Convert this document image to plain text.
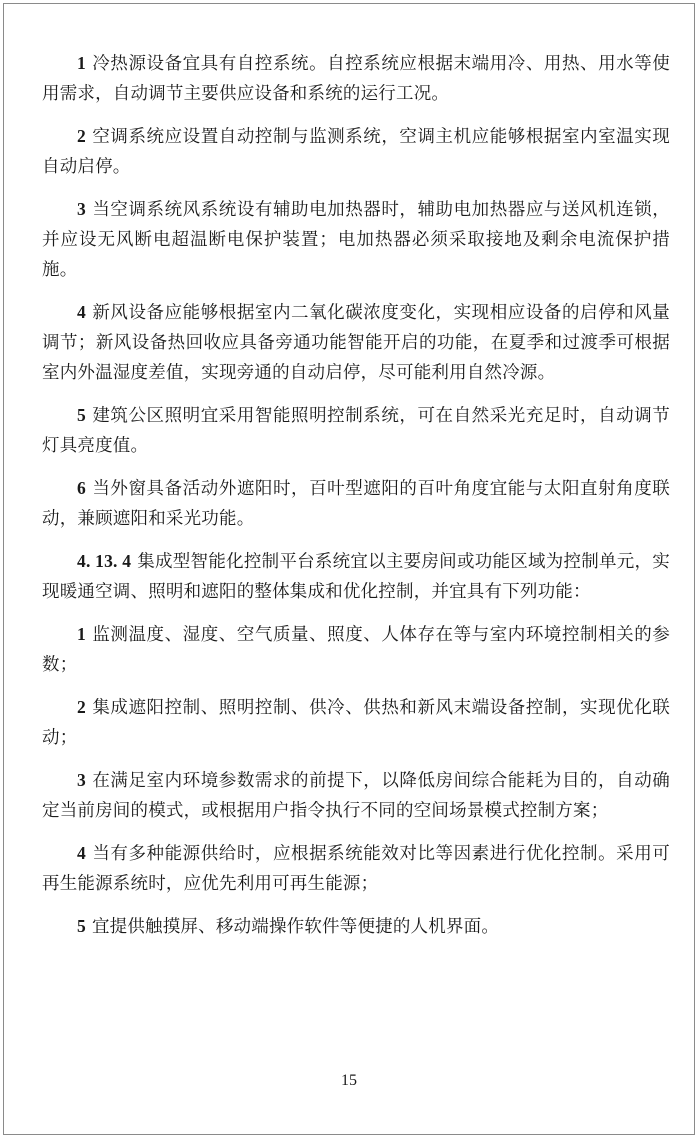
1 冷热源设备宜具有自控系统。自控系统应根据末端用冷、用热、用水等使用需求，自动调节主要供应设备和系统的运行工况。

2 空调系统应设置自动控制与监测系统，空调主机应能够根据室内室温实现自动启停。

3 当空调系统风系统设有辅助电加热器时，辅助电加热器应与送风机连锁，并应设无风断电超温断电保护装置；电加热器必须采取接地及剩余电流保护措施。

4 新风设备应能够根据室内二氧化碳浓度变化，实现相应设备的启停和风量调节；新风设备热回收应具备旁通功能智能开启的功能，在夏季和过渡季可根据室内外温湿度差值，实现旁通的自动启停，尽可能利用自然冷源。

5 建筑公区照明宜采用智能照明控制系统，可在自然采光充足时，自动调节灯具亮度值。

6 当外窗具备活动外遮阳时，百叶型遮阳的百叶角度宜能与太阳直射角度联动，兼顾遮阳和采光功能。

4. 13. 4 集成型智能化控制平台系统宜以主要房间或功能区域为控制单元，实现暖通空调、照明和遮阳的整体集成和优化控制，并宜具有下列功能：

1 监测温度、湿度、空气质量、照度、人体存在等与室内环境控制相关的参数；

2 集成遮阳控制、照明控制、供冷、供热和新风末端设备控制，实现优化联动；

3 在满足室内环境参数需求的前提下，以降低房间综合能耗为目的，自动确定当前房间的模式，或根据用户指令执行不同的空间场景模式控制方案；

4 当有多种能源供给时，应根据系统能效对比等因素进行优化控制。采用可再生能源系统时，应优先利用可再生能源；

5 宜提供触摸屏、移动端操作软件等便捷的人机界面。

15
